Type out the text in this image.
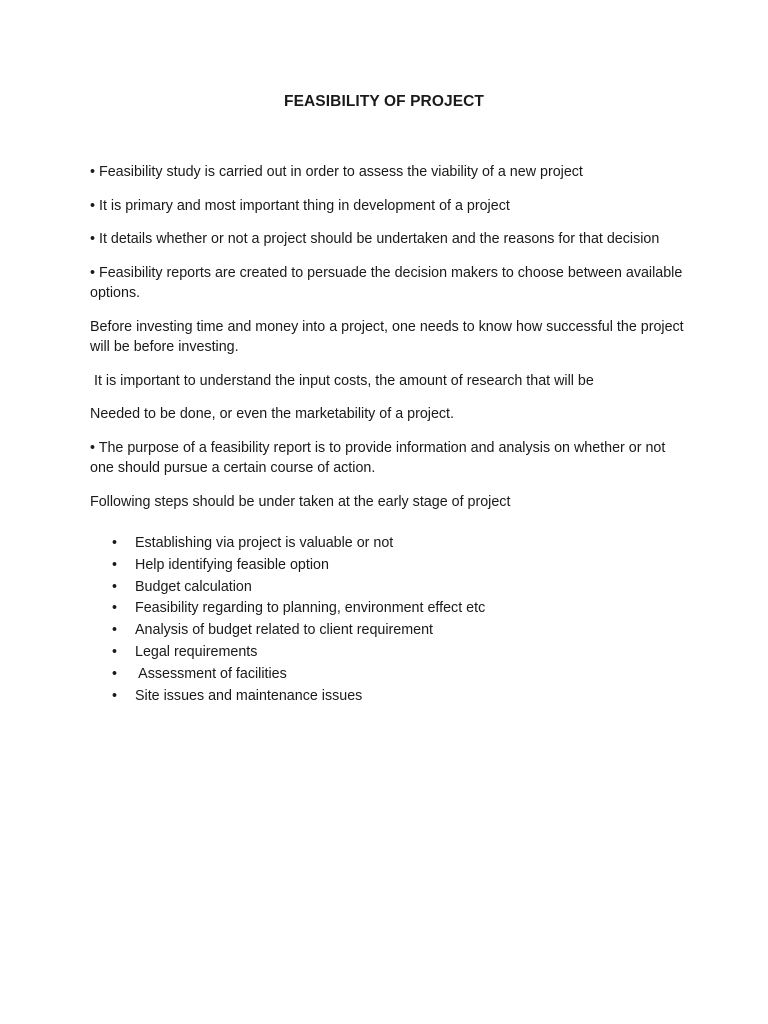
FEASIBILITY OF PROJECT

• Feasibility study is carried out in order to assess the viability of a new project

• It is primary and most important thing in development of a project

• It details whether or not a project should be undertaken and the reasons for that decision

• Feasibility reports are created to persuade the decision makers to choose between available options.

Before investing time and money into a project, one needs to know how successful the project will be before investing.

It is important to understand the input costs, the amount of research that will be

Needed to be done, or even the marketability of a project.

• The purpose of a feasibility report is to provide information and analysis on whether or not one should pursue a certain course of action.

Following steps should be under taken at the early stage of project

• Establishing via project is valuable or not
• Help identifying feasible option
• Budget calculation
• Feasibility regarding to planning, environment effect etc
• Analysis of budget related to client requirement
• Legal requirements
• Assessment of facilities
• Site issues and maintenance issues
